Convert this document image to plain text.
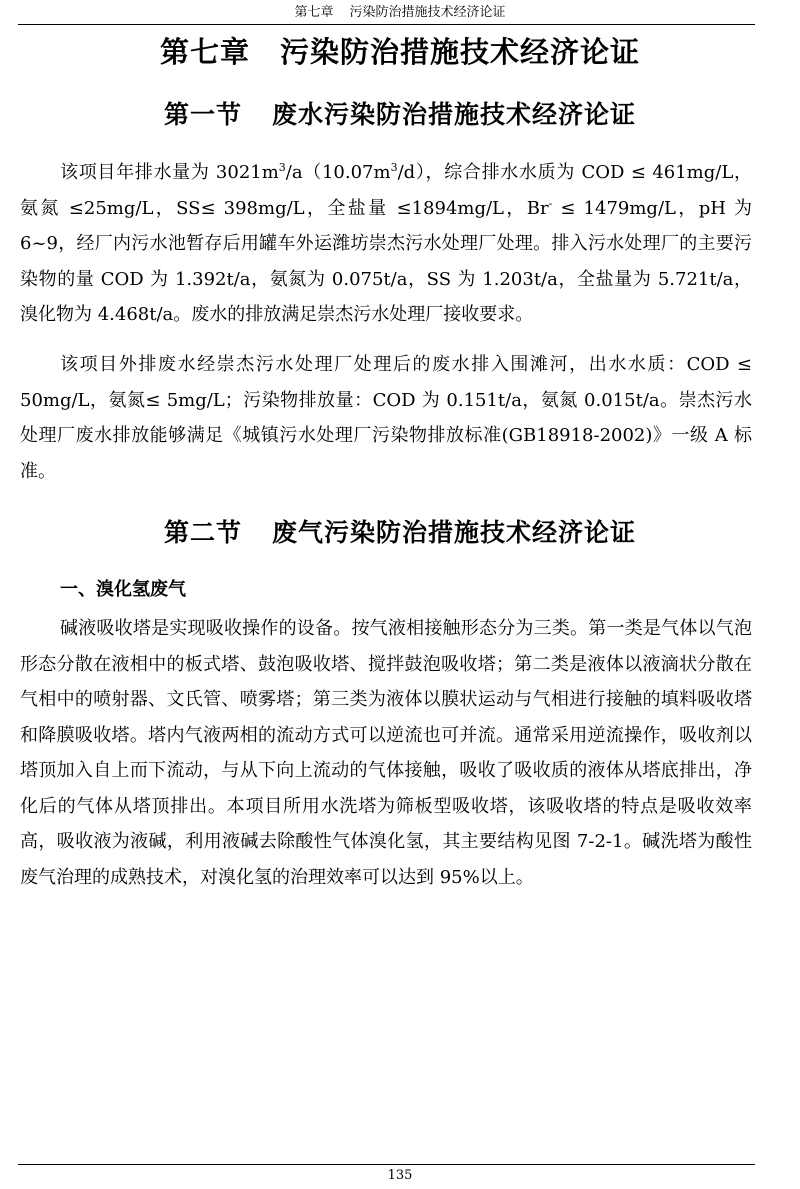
第七章 污染防治措施技术经济论证
第七章 污染防治措施技术经济论证
第一节 废水污染防治措施技术经济论证
该项目年排水量为 $3021m^3/a(10.07m^3/d)$，综合排水水质为 COD ≤ 461mg/L，氨氮 ≤25mg/L，SS≤ 398mg/L，全盐量 ≤1894mg/L，Br- ≤ 1479mg/L，pH 为 6~9，经厂内污水池暂存后用罐车外运潍坊崇杰污水处理厂处理。排入污水处理厂的主要污染物的量 COD 为 1.392t/a，氨氮为 0.075t/a，SS 为 1.203t/a，全盐量为 5.721t/a，溴化物为 4.468t/a。废水的排放满足崇杰污水处理厂接收要求。
该项目外排废水经崇杰污水处理厂处理后的废水排入围滩河，出水水质：COD ≤ 50mg/L，氨氮≤ 5mg/L；污染物排放量：COD 为 0.151t/a，氨氮 0.015t/a。崇杰污水处理厂废水排放能够满足《城镇污水处理厂污染物排放标准(GB18918-2002)》一级 A 标准。
第二节 废气污染防治措施技术经济论证
一、溴化氢废气
碱液吸收塔是实现吸收操作的设备。按气液相接触形态分为三类。第一类是气体以气泡形态分散在液相中的板式塔、鼓泡吸收塔、搅拌鼓泡吸收塔；第二类是液体以液滴状分散在气相中的喷射器、文氏管、喷雾塔；第三类为液体以膜状运动与气相进行接触的填料吸收塔和降膜吸收塔。塔内气液两相的流动方式可以逆流也可并流。通常采用逆流操作，吸收剂以塔顶加入自上而下流动，与从下向上流动的气体接触，吸收了吸收质的液体从塔底排出，净化后的气体从塔顶排出。本项目所用水洗塔为筛板型吸收塔，该吸收塔的特点是吸收效率高，吸收液为液碱，利用液碱去除酸性气体溴化氢，其主要结构见图 7-2-1。碱洗塔为酸性废气治理的成熟技术，对溴化氢的治理效率可以达到 95%以上。
135
